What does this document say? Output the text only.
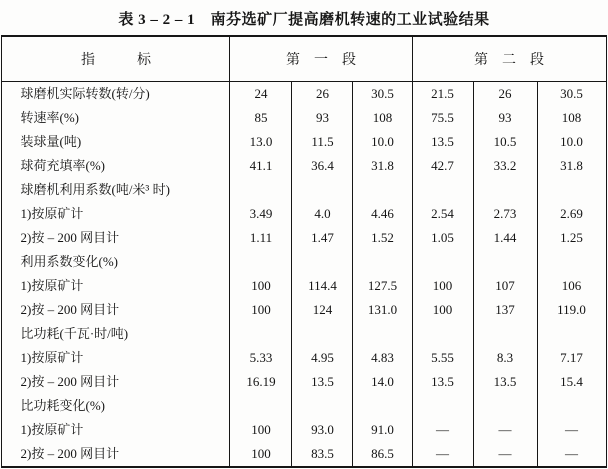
表 3 – 2 – 1　南芬选矿厂提高磨机转速的工业试验结果
指　　　标	第　一　段			第　二　段		
球磨机实际转数(转/分)	24	26	30.5	21.5	26	30.5
转速率(%)	85	93	108	75.5	93	108
装球量(吨)	13.0	11.5	10.0	13.5	10.5	10.0
球荷充填率(%)	41.1	36.4	31.8	42.7	33.2	31.8
球磨机利用系数(吨/米³ 时)						
1)按原矿计	3.49	4.0	4.46	2.54	2.73	2.69
2)按 – 200 网目计	1.11	1.47	1.52	1.05	1.44	1.25
利用系数变化(%)						
1)按原矿计	100	114.4	127.5	100	107	106
2)按 – 200 网目计	100	124	131.0	100	137	119.0
比功耗(千瓦·时/吨)						
1)按原矿计	5.33	4.95	4.83	5.55	8.3	7.17
2)按 – 200 网目计	16.19	13.5	14.0	13.5	13.5	15.4
比功耗变化(%)						
1)按原矿计	100	93.0	91.0	—	—	—
2)按 – 200 网目计	100	83.5	86.5	—	—	—
